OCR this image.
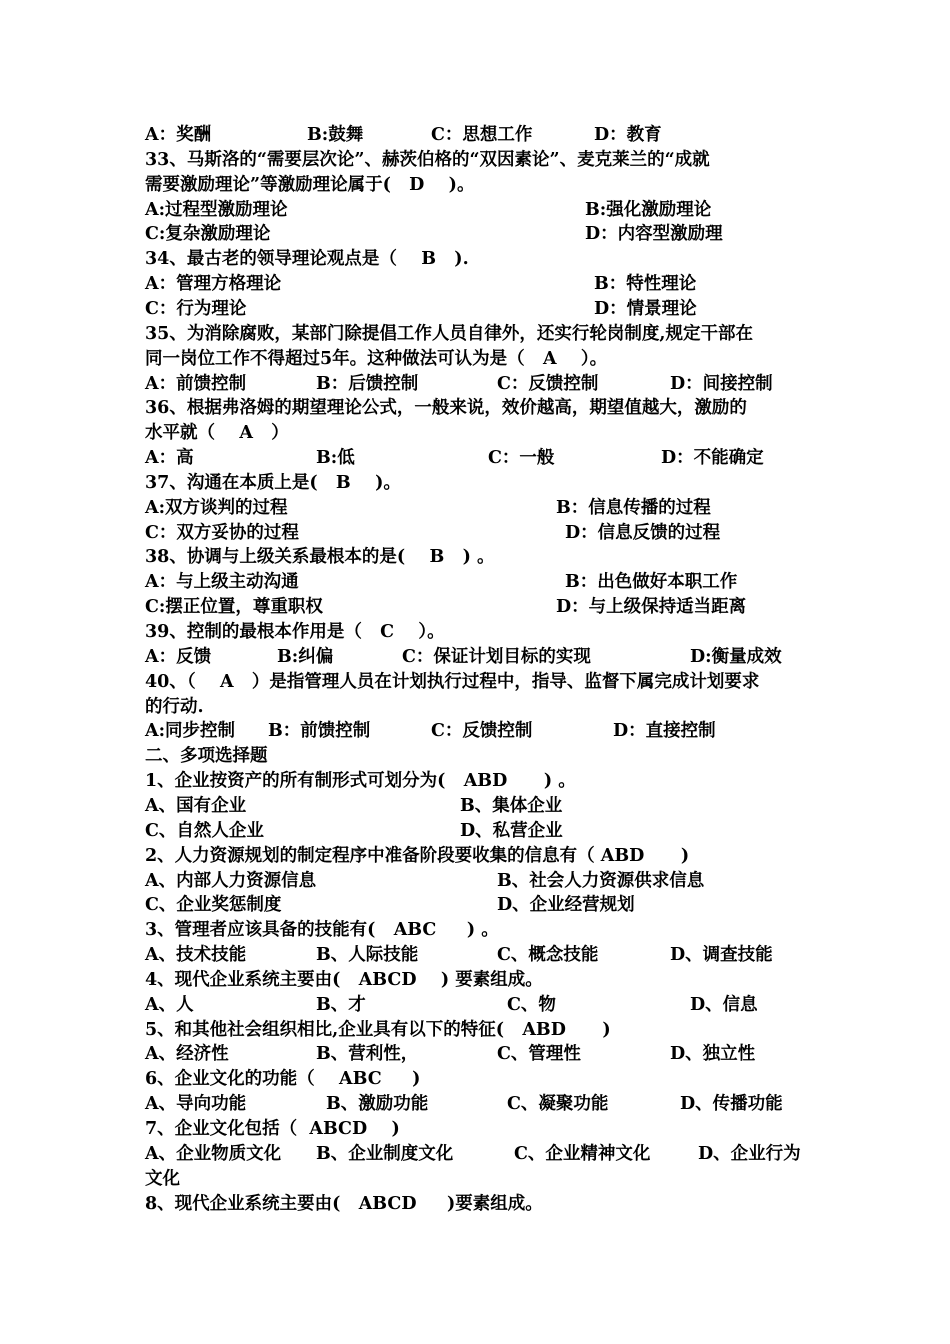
A：奖酬	B:鼓舞	C：思想工作	D：教育
33、马斯洛的“需要层次论”、赫茨伯格的“双因素论”、麦克莱兰的“成就
需要激励理论”等激励理论属于(   D    )。
A:过程型激励理论	B:强化激励理论
C:复杂激励理论	D：内容型激励理
34、最古老的领导理论观点是（    B   ).
A：管理方格理论	B：特性理论
C：行为理论	D：情景理论
35、为消除腐败，某部门除提倡工作人员自律外，还实行轮岗制度,规定干部在
同一岗位工作不得超过5年。这种做法可认为是（   A    ）。
A：前馈控制	B：后馈控制	C：反馈控制	D：间接控制
36、根据弗洛姆的期望理论公式，一般来说，效价越高，期望值越大，激励的
水平就（    A   ）
A：高	B:低	C：一般	D：不能确定
37、沟通在本质上是(   B    )。
A:双方谈判的过程	B：信息传播的过程
C：双方妥协的过程	D：信息反馈的过程
38、协调与上级关系最根本的是(    B   ) 。
A：与上级主动沟通	B：出色做好本职工作
C:摆正位置，尊重职权	D：与上级保持适当距离
39、控制的最根本作用是（   C    ）。
A：反馈	B:纠偏	C：保证计划目标的实现	D:衡量成效
40、（    A   ）是指管理人员在计划执行过程中，指导、监督下属完成计划要求
的行动.
A:同步控制 B：前馈控制	C：反馈控制	D：直接控制
二、多项选择题
1、企业按资产的所有制形式可划分为(   ABD      ) 。
A、国有企业	B、集体企业
C、自然人企业	D、私营企业
2、人力资源规划的制定程序中准备阶段要收集的信息有（ ABD      )
A、内部人力资源信息	B、社会人力资源供求信息
C、企业奖惩制度	D、企业经营规划
3、管理者应该具备的技能有(   ABC     ) 。
A、技术技能	B、人际技能	C、概念技能	D、调查技能
4、现代企业系统主要由(   ABCD    ) 要素组成。
A、人	B、才	C、物	D、信息
5、和其他社会组织相比,企业具有以下的特征(   ABD      )
A、经济性	B、营利性，	C、管理性	D、独立性
6、企业文化的功能（    ABC     )
A、导向功能	B、激励功能	C、凝聚功能	D、传播功能
7、企业文化包括（  ABCD    )
A、企业物质文化 B、企业制度文化	C、企业精神文化	D、企业行为
文化
8、现代企业系统主要由(   ABCD     )要素组成。
